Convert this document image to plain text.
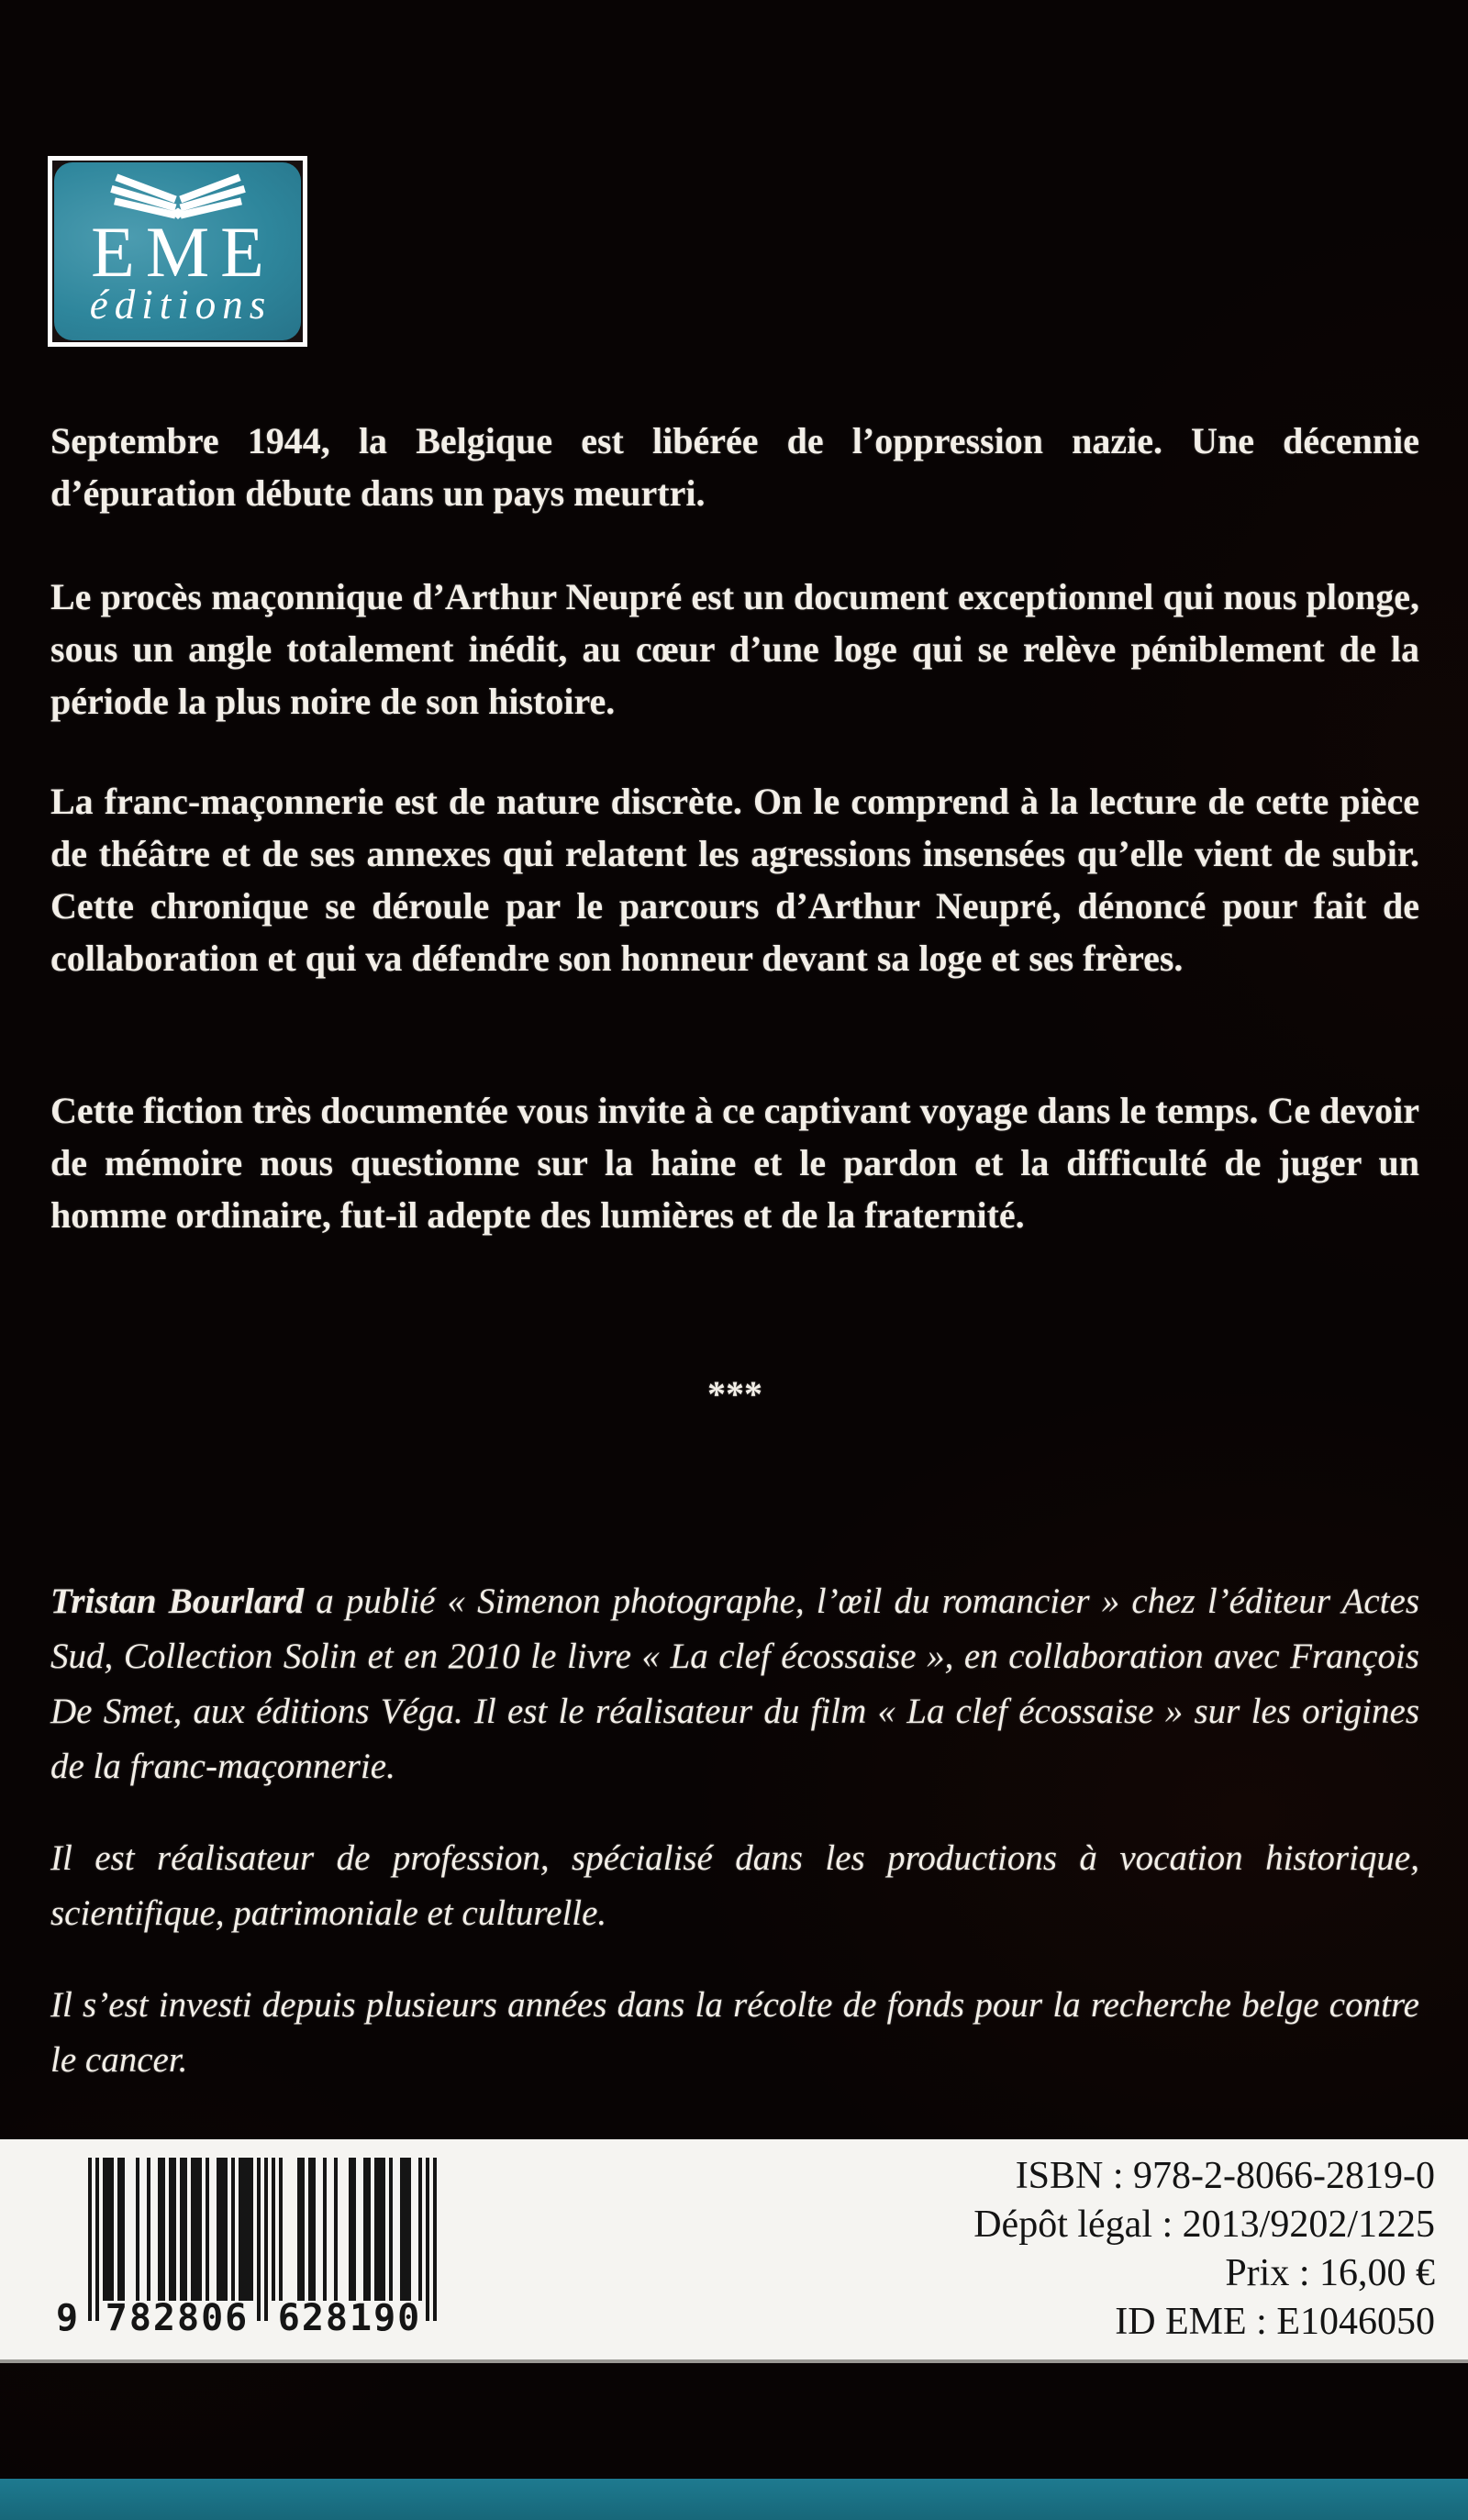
EME
éditions

Septembre 1944, la Belgique est libérée de l’oppression nazie. Une décennie d’épuration débute dans un pays meurtri.

Le procès maçonnique d’Arthur Neupré est un document exceptionnel qui nous plonge, sous un angle totalement inédit, au cœur d’une loge qui se relève péniblement de la période la plus noire de son histoire.

La franc-maçonnerie est de nature discrète. On le comprend à la lecture de cette pièce de théâtre et de ses annexes qui relatent les agressions insensées qu’elle vient de subir. Cette chronique se déroule par le parcours d’Arthur Neupré, dénoncé pour fait de collaboration et qui va défendre son honneur devant sa loge et ses frères.

Cette fiction très documentée vous invite à ce captivant voyage dans le temps. Ce devoir de mémoire nous questionne sur la haine et le pardon et la difficulté de juger un homme ordinaire, fut-il adepte des lumières et de la fraternité.

***

Tristan Bourlard a publié « Simenon photographe, l’œil du romancier » chez l’éditeur Actes Sud, Collection Solin et en 2010 le livre « La clef écossaise », en collaboration avec François De Smet, aux éditions Véga. Il est le réalisateur du film « La clef écossaise » sur les origines de la franc-maçonnerie.

Il est réalisateur de profession, spécialisé dans les productions à vocation historique, scientifique, patrimoniale et culturelle.

Il s’est investi depuis plusieurs années dans la récolte de fonds pour la recherche belge contre le cancer.

9 782806 628190
ISBN : 978-2-8066-2819-0
Dépôt légal : 2013/9202/1225
Prix : 16,00 €
ID EME : E1046050
